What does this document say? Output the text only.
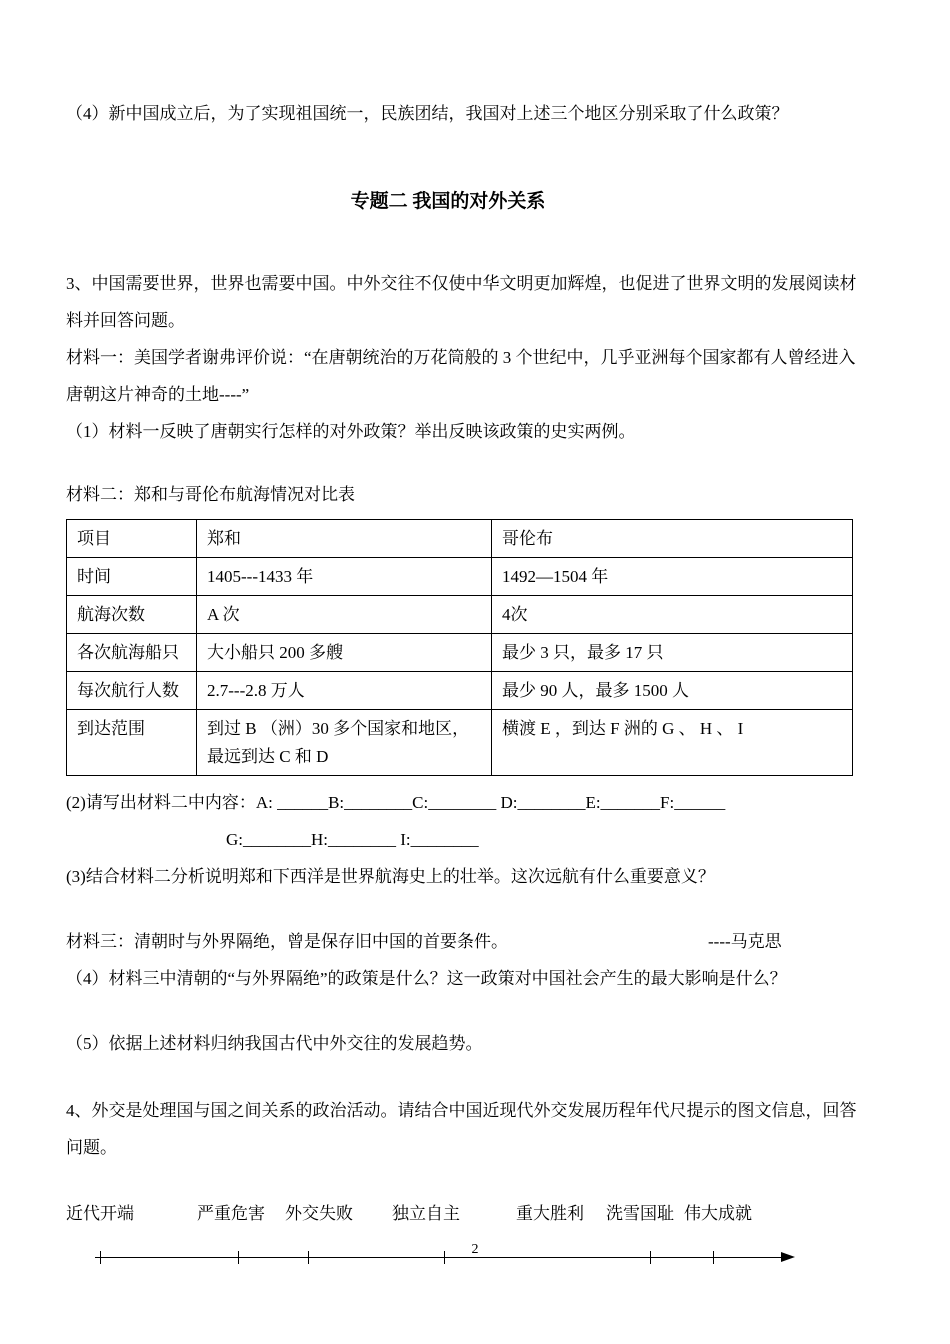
（4）新中国成立后，为了实现祖国统一，民族团结，我国对上述三个地区分别采取了什么政策？

专题二 我国的对外关系

3、中国需要世界，世界也需要中国。中外交往不仅使中华文明更加辉煌，也促进了世界文明的发展阅读材料并回答问题。

材料一：美国学者谢弗评价说：“在唐朝统治的万花筒般的 3 个世纪中，几乎亚洲每个国家都有人曾经进入唐朝这片神奇的土地----”

（1）材料一反映了唐朝实行怎样的对外政策？举出反映该政策的史实两例。

材料二：郑和与哥伦布航海情况对比表

项目	郑和	哥伦布
时间	1405---1433 年	1492—1504 年
航海次数	A 次	4次
各次航海船只	大小船只 200 多艘	最少 3 只，最多 17 只
每次航行人数	2.7---2.8 万人	最少 90 人，最多 1500 人
到达范围	到过 B （洲）30 多个国家和地区，最远到达 C 和 D	横渡 E ，到达 F 洲的 G 、 H 、 I

(2)请写出材料二中内容：A: ______B:________C:________ D:________E:_______F:______

G:________H:________ I:________

(3)结合材料二分析说明郑和下西洋是世界航海史上的壮举。这次远航有什么重要意义？

材料三：清朝时与外界隔绝，曾是保存旧中国的首要条件。	----马克思

（4）材料三中清朝的“与外界隔绝”的政策是什么？这一政策对中国社会产生的最大影响是什么？

（5）依据上述材料归纳我国古代中外交往的发展趋势。

4、外交是处理国与国之间关系的政治活动。请结合中国近现代外交发展历程年代尺提示的图文信息，回答问题。

近代开端	严重危害 外交失败 独立自主	重大胜利 洗雪国耻 伟大成就
2
